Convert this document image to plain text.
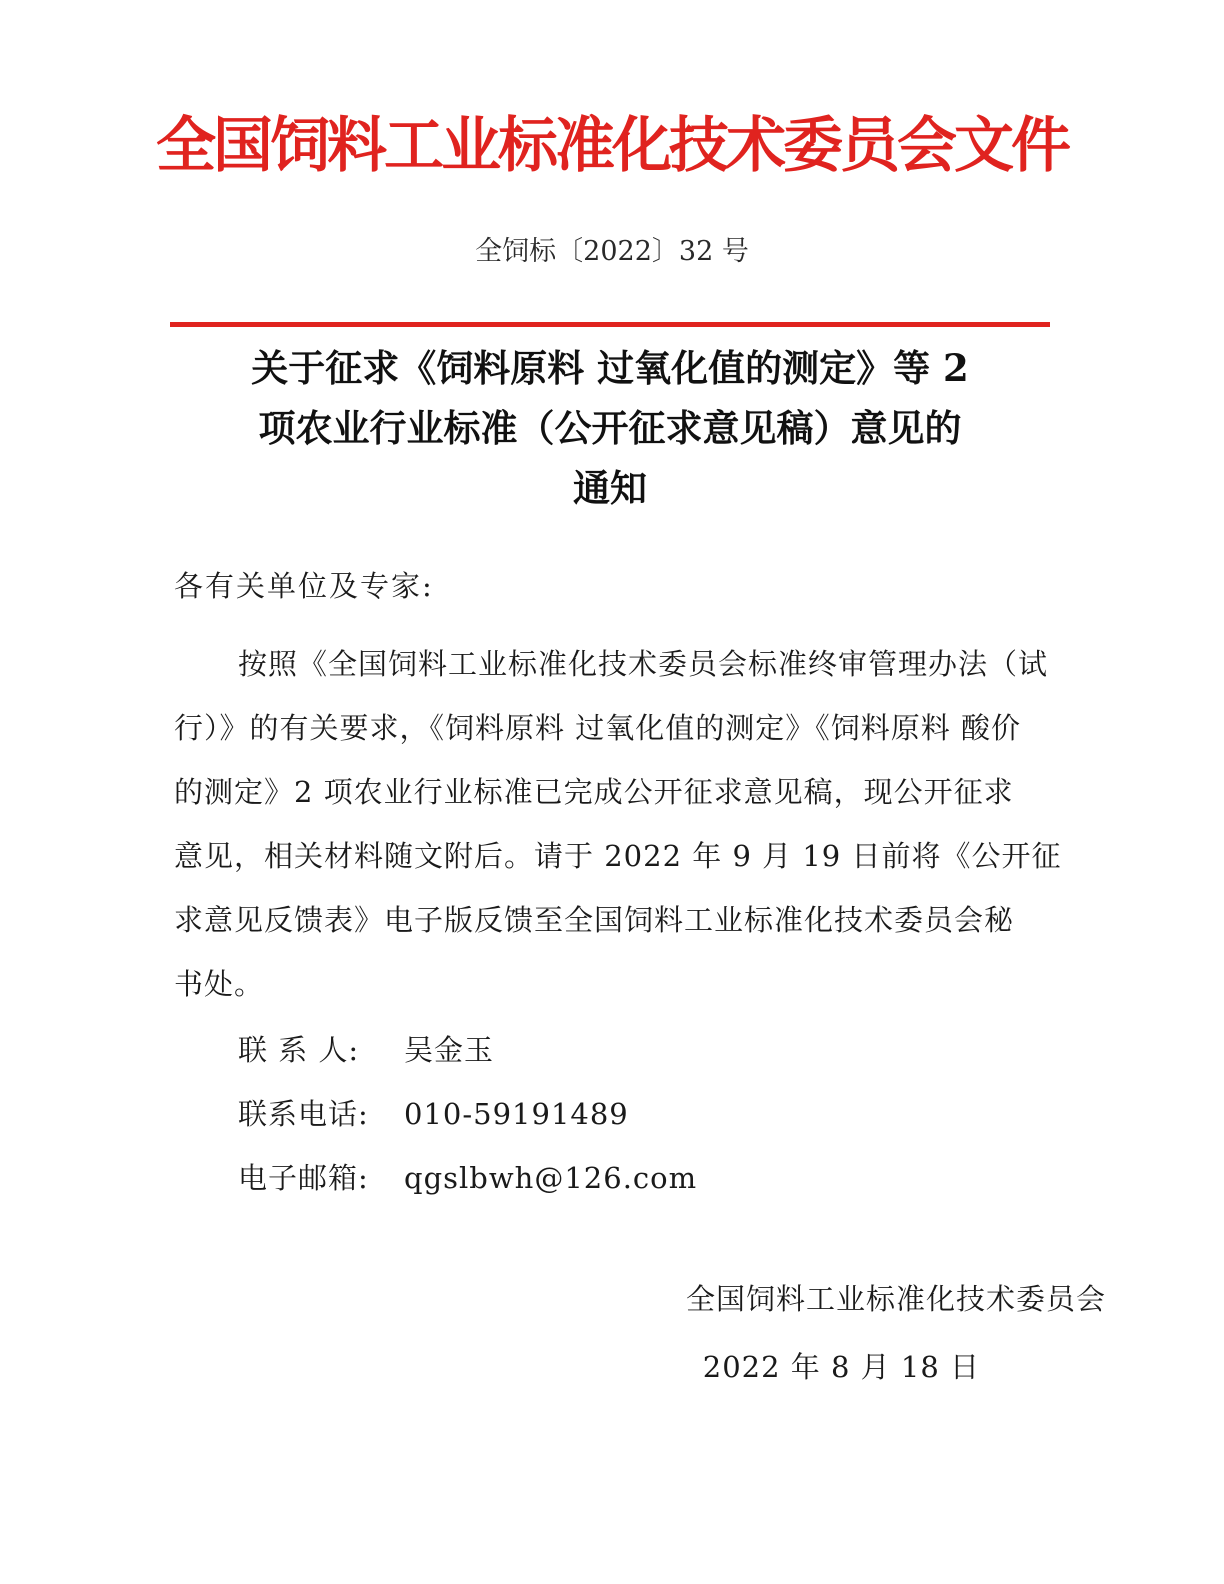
全国饲料工业标准化技术委员会文件
全饲标〔2022〕32 号
关于征求《饲料原料 过氧化值的测定》等 2
项农业行业标准（公开征求意见稿）意见的
通知
各有关单位及专家:
按照《全国饲料工业标准化技术委员会标准终审管理办法（试
行）》的有关要求，《饲料原料 过氧化值的测定》《饲料原料 酸价
的测定》2 项农业行业标准已完成公开征求意见稿，现公开征求
意见，相关材料随文附后。请于 2022 年 9 月 19 日前将《公开征
求意见反馈表》电子版反馈至全国饲料工业标准化技术委员会秘
书处。
联 系 人: 吴金玉
联系电话: 010-59191489
电子邮箱: qgslbwh@126.com
全国饲料工业标准化技术委员会
2022 年 8 月 18 日
